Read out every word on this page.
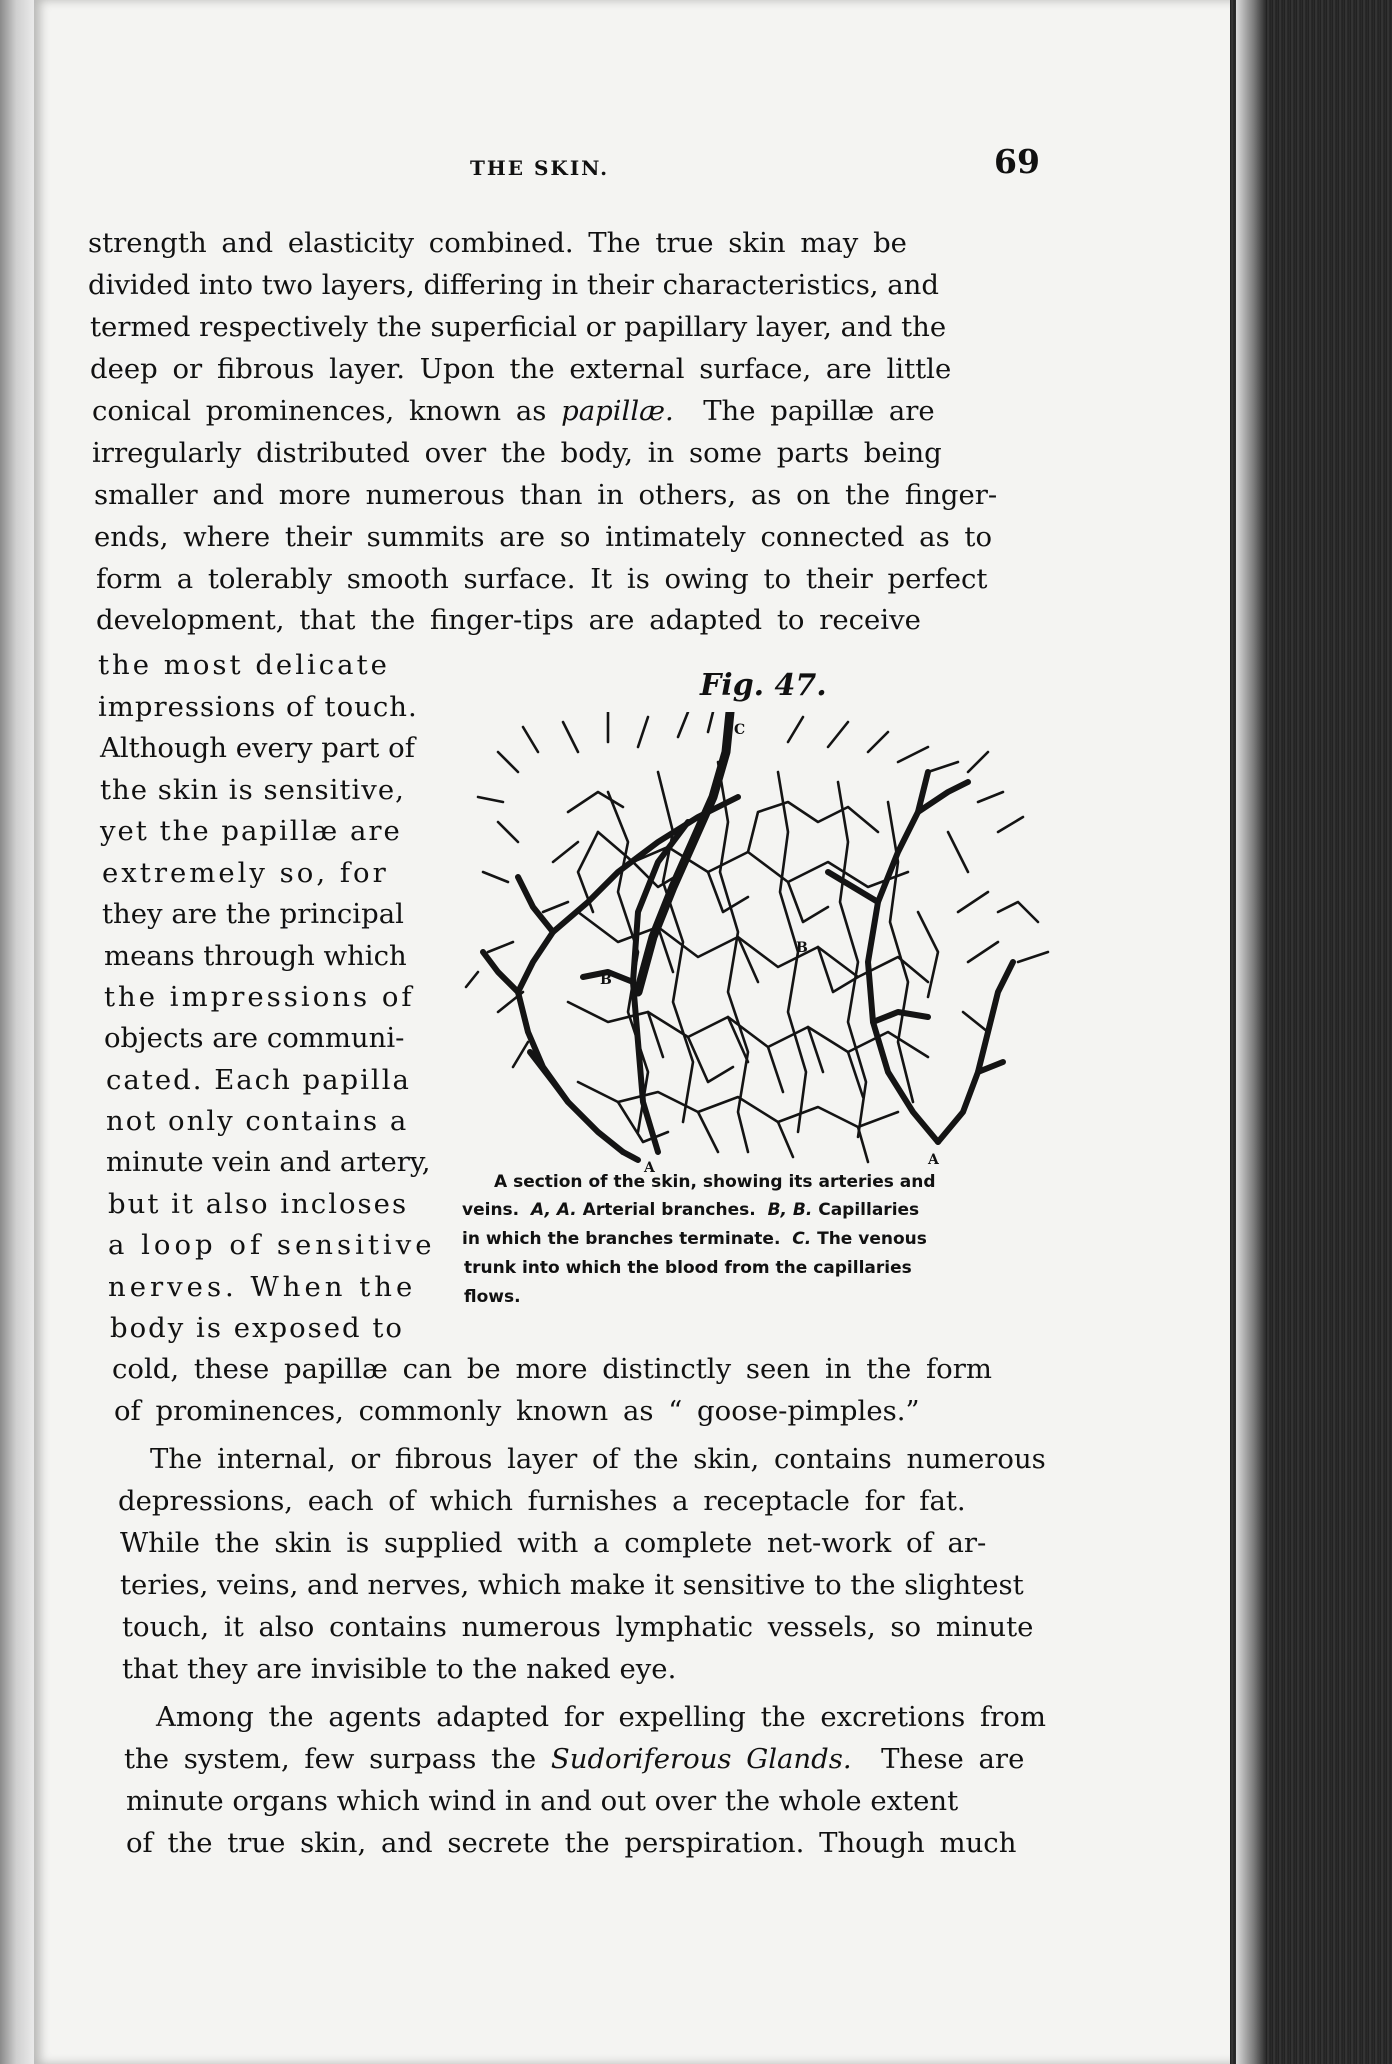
THE SKIN.	69
strength and elasticity combined. The true skin may be
divided into two layers, differing in their characteristics, and
termed respectively the superficial or papillary layer, and the
deep or fibrous layer. Upon the external surface, are little
conical prominences, known as papillæ. The papillæ are
irregularly distributed over the body, in some parts being
smaller and more numerous than in others, as on the finger-
ends, where their summits are so intimately connected as to
form a tolerably smooth surface. It is owing to their perfect
development, that the finger-tips are adapted to receive
the most delicate
impressions of touch.
Although every part of
the skin is sensitive,
yet the papillæ are
extremely so, for
they are the principal
means through which
the impressions of
objects are communi-
cated. Each papilla
not only contains a
minute vein and artery,
but it also incloses
a loop of sensitive
nerves. When the
body is exposed to
Fig. 47.
C
B
B
A	A
A section of the skin, showing its arteries and
veins. A, A. Arterial branches. B, B. Capillaries
in which the branches terminate. C. The venous
trunk into which the blood from the capillaries
flows.
cold, these papillæ can be more distinctly seen in the form
of prominences, commonly known as “ goose-pimples.”
The internal, or fibrous layer of the skin, contains numerous
depressions, each of which furnishes a receptacle for fat.
While the skin is supplied with a complete net-work of ar-
teries, veins, and nerves, which make it sensitive to the slightest
touch, it also contains numerous lymphatic vessels, so minute
that they are invisible to the naked eye.
Among the agents adapted for expelling the excretions from
the system, few surpass the Sudoriferous Glands. These are
minute organs which wind in and out over the whole extent
of the true skin, and secrete the perspiration. Though much
